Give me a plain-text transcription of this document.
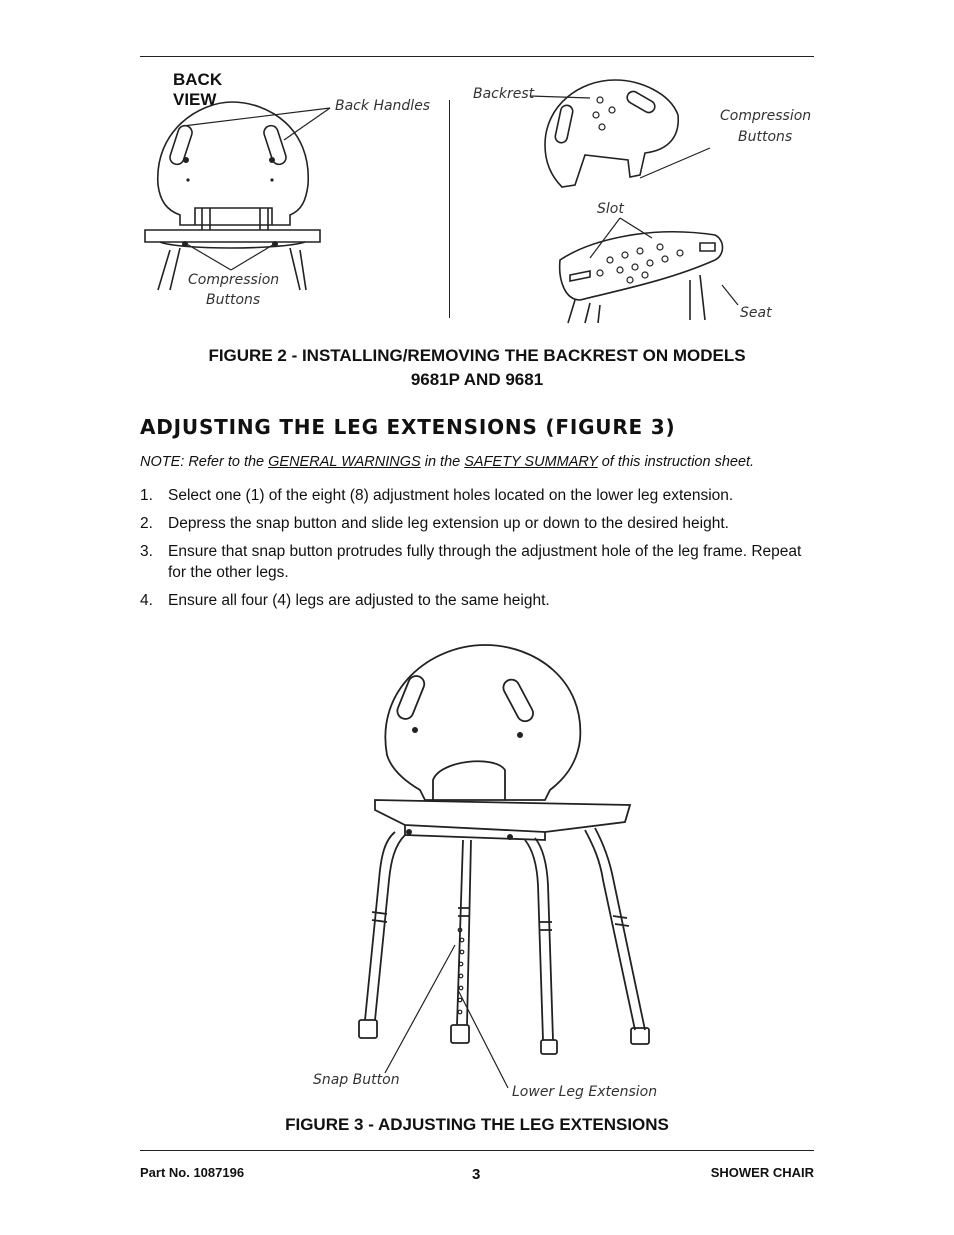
BACK VIEW	Back Handles
Compression
Buttons
Backrest
Compression
Buttons
Slot
Seat
FIGURE 2 - INSTALLING/REMOVING THE BACKREST ON MODELS
9681P AND 9681
ADJUSTING THE LEG EXTENSIONS (FIGURE 3)
NOTE: Refer to the GENERAL WARNINGS in the SAFETY SUMMARY of this instruction sheet.
1. Select one (1) of the eight (8) adjustment holes located on the lower leg extension.
2. Depress the snap button and slide leg extension up or down to the desired height.
3. Ensure that snap button protrudes fully through the adjustment hole of the leg frame. Repeat for the other legs.
4. Ensure all four (4) legs are adjusted to the same height.
Snap Button
Lower Leg Extension
FIGURE 3 - ADJUSTING THE LEG EXTENSIONS
Part No. 1087196	3	SHOWER CHAIR
